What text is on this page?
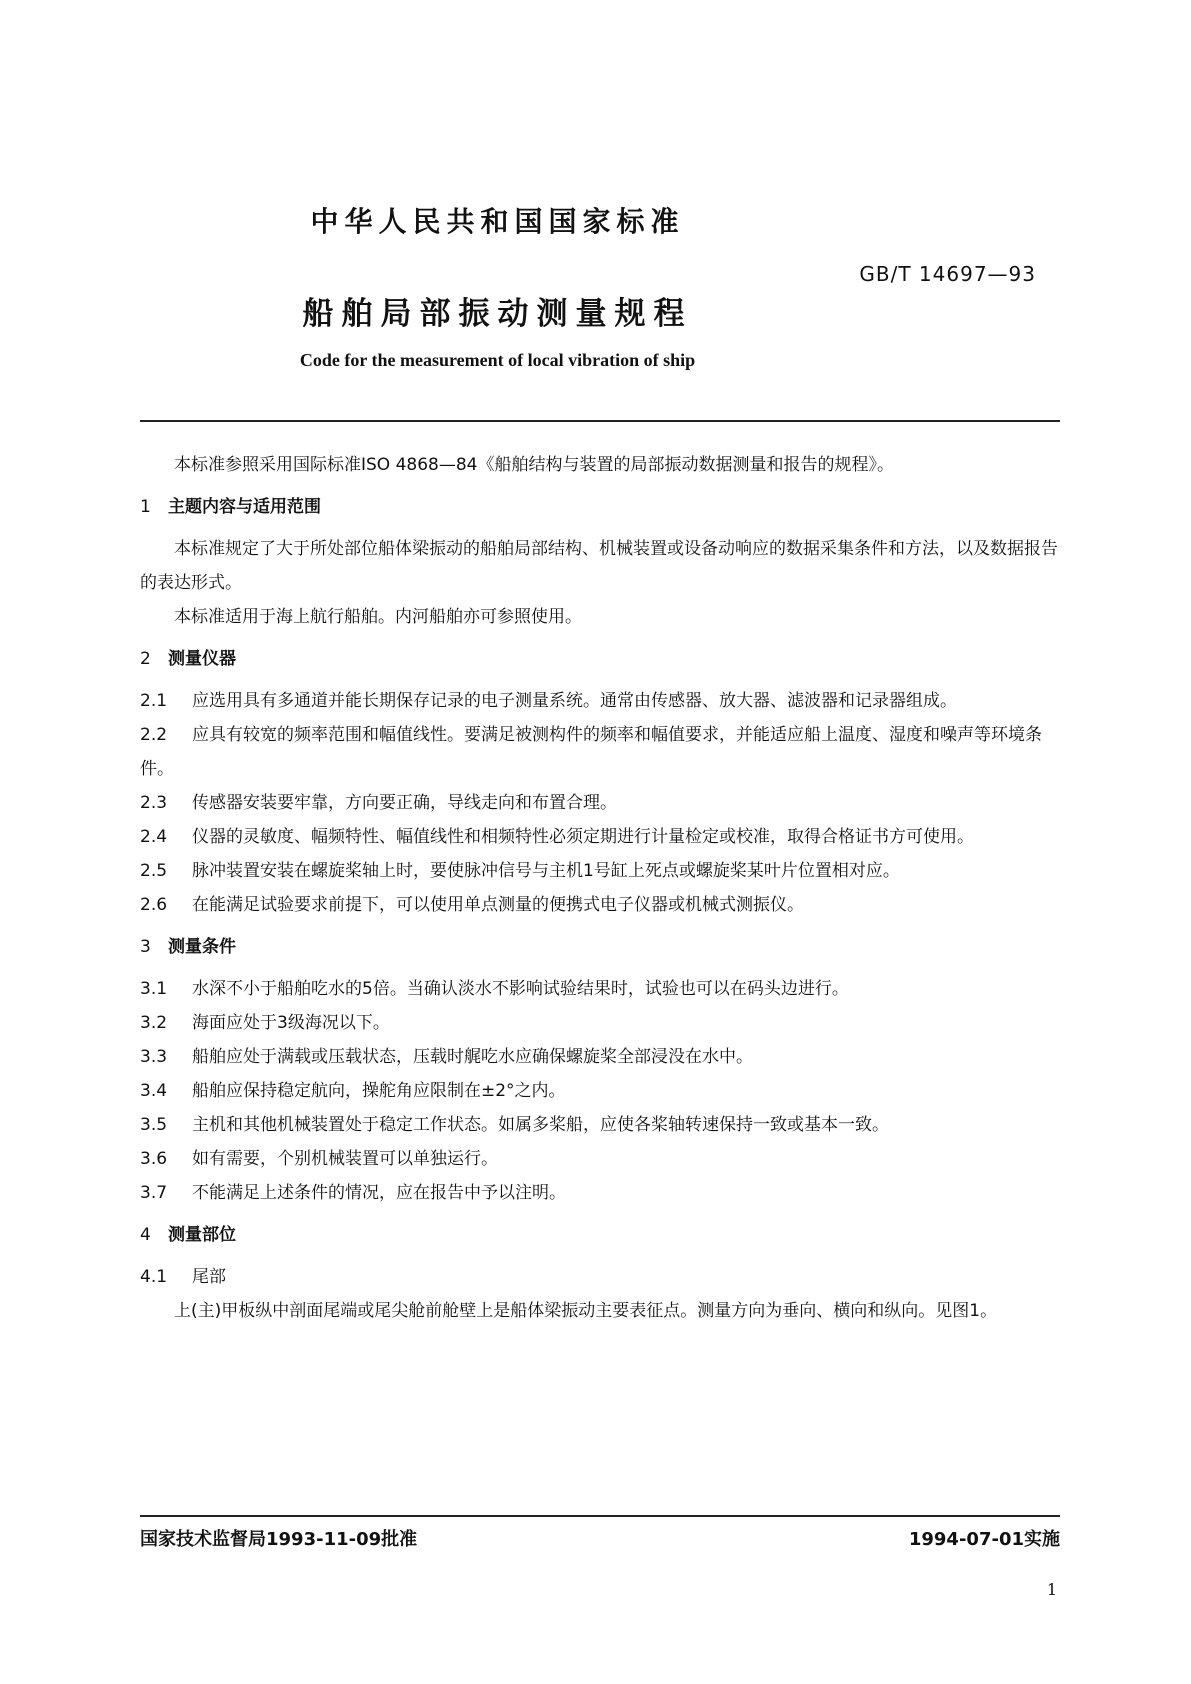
中华人民共和国国家标准
GB/T 14697—93
船舶局部振动测量规程
Code for the measurement of local vibration of ship

本标准参照采用国际标准ISO 4868—84《船舶结构与装置的局部振动数据测量和报告的规程》。

1 主题内容与适用范围

本标准规定了大于所处部位船体梁振动的船舶局部结构、机械装置或设备动响应的数据采集条件和方法，以及数据报告的表达形式。

本标准适用于海上航行船舶。内河船舶亦可参照使用。

2 测量仪器

2.1 应选用具有多通道并能长期保存记录的电子测量系统。通常由传感器、放大器、滤波器和记录器组成。

2.2 应具有较宽的频率范围和幅值线性。要满足被测构件的频率和幅值要求，并能适应船上温度、湿度和噪声等环境条件。

2.3 传感器安装要牢靠，方向要正确，导线走向和布置合理。

2.4 仪器的灵敏度、幅频特性、幅值线性和相频特性必须定期进行计量检定或校准，取得合格证书方可使用。

2.5 脉冲装置安装在螺旋桨轴上时，要使脉冲信号与主机1号缸上死点或螺旋桨某叶片位置相对应。

2.6 在能满足试验要求前提下，可以使用单点测量的便携式电子仪器或机械式测振仪。

3 测量条件

3.1 水深不小于船舶吃水的5倍。当确认淡水不影响试验结果时，试验也可以在码头边进行。

3.2 海面应处于3级海况以下。

3.3 船舶应处于满载或压载状态，压载时艉吃水应确保螺旋桨全部浸没在水中。

3.4 船舶应保持稳定航向，操舵角应限制在±2°之内。

3.5 主机和其他机械装置处于稳定工作状态。如属多桨船，应使各桨轴转速保持一致或基本一致。

3.6 如有需要，个别机械装置可以单独运行。

3.7 不能满足上述条件的情况，应在报告中予以注明。

4 测量部位

4.1 尾部

上(主)甲板纵中剖面尾端或尾尖舱前舱壁上是船体梁振动主要表征点。测量方向为垂向、横向和纵向。见图1。

国家技术监督局1993-11-09批准	1994-07-01实施
1
